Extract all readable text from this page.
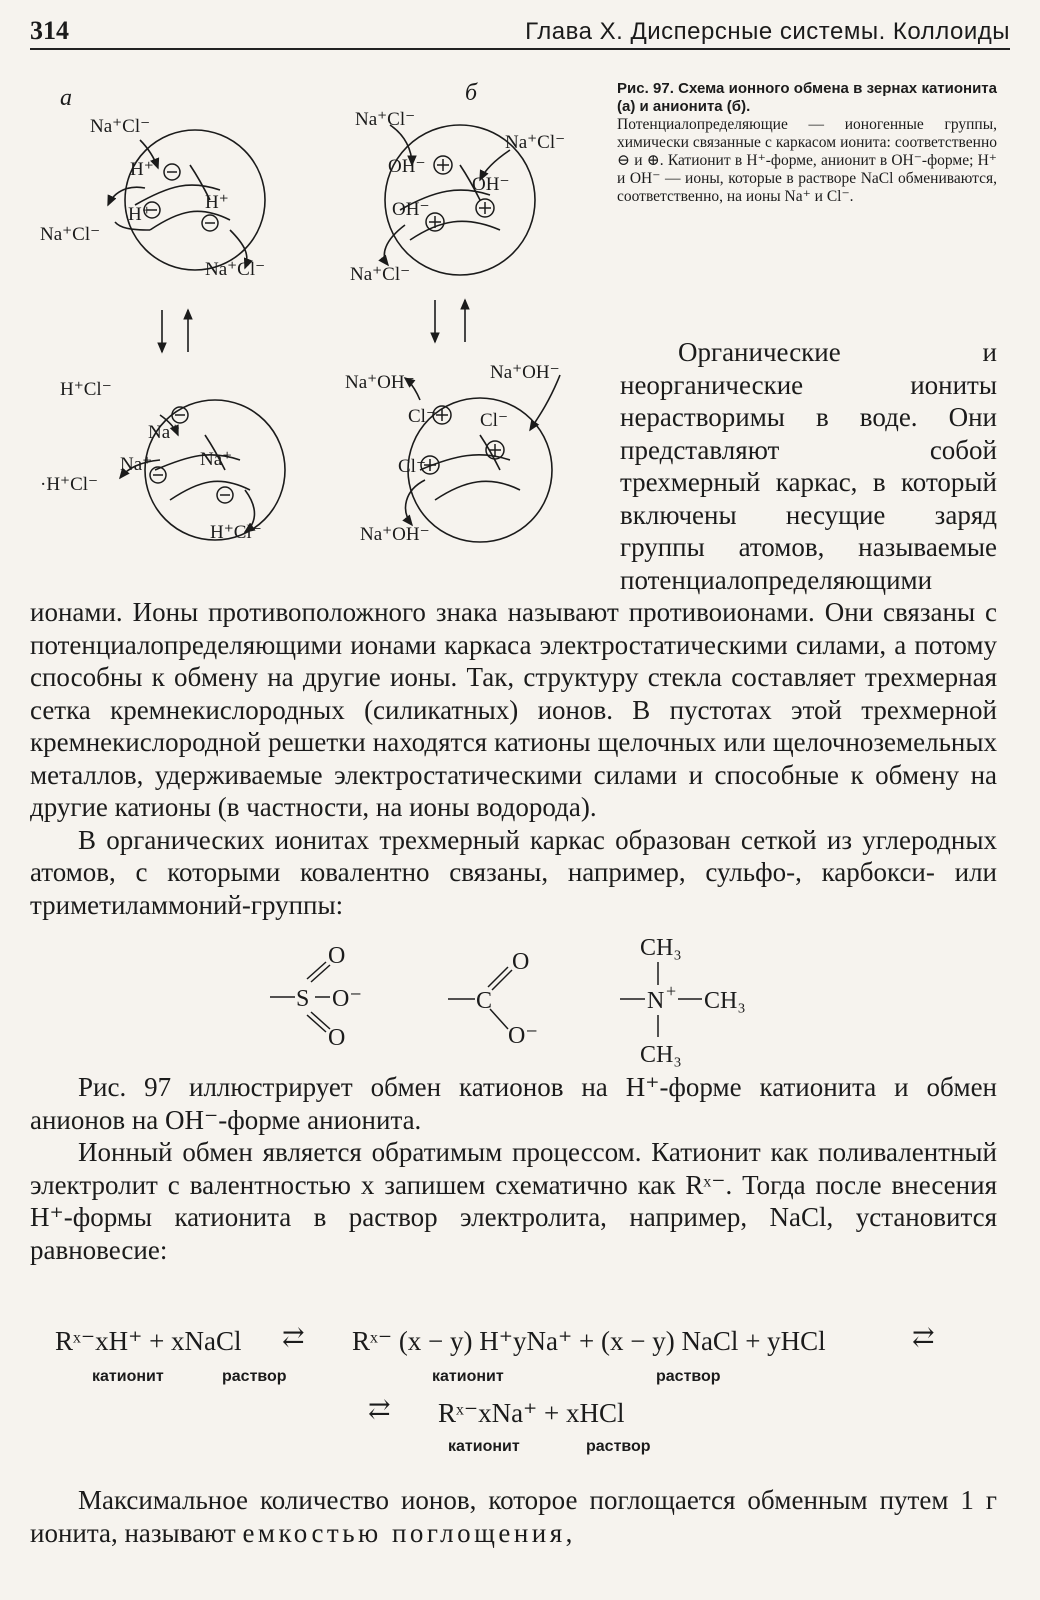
314	Глава X. Дисперсные системы. Коллоиды
а	б
Na⁺Cl⁻
Na⁺Cl⁻
Na⁺Cl⁻
H⁺
H⁺
H⁺
H⁺Cl⁻
·H⁺Cl⁻
H⁺Cl⁻
Na⁺
Na⁺	Na⁺
Na⁺Cl⁻
Na⁺Cl⁻
Na⁺Cl⁻
OH⁻
OH⁻
OH⁻
Na⁺OH⁻	Na⁺OH⁻
Na⁺OH⁻
Cl⁻ Cl⁻
Cl⁻
Рис. 97. Схема ионного обмена в зернах катионита (а) и анионита (б).
Потенциалопределяющие — ионогенные группы, химически связанные с каркасом ионита: соответственно ⊖ и ⊕. Катионит в H⁺-форме, анионит в OH⁻-форме; H⁺ и OH⁻ — ионы, которые в растворе NaCl обмениваются, соответственно, на ионы Na⁺ и Cl⁻.

Органические и неорганические иониты нерастворимы в воде. Они представляют собой трехмерный каркас, в который включены несущие заряд группы атомов, называемые потенциалопределяющими ионами. Ионы противоположного знака называют противоионами. Они связаны с потенциалопределяющими ионами каркаса электростатическими силами, а потому способны к обмену на другие ионы. Так, структуру стекла составляет трехмерная сетка кремнекислородных (силикатных) ионов. В пустотах этой трехмерной кремнекислородной решетки находятся катионы щелочных или щелочноземельных металлов, удерживаемые электростатическими силами и способные к обмену на другие катионы (в частности, на ионы водорода).

В органических ионитах трехмерный каркас образован сеткой из углеродных атомов, с которыми ковалентно связаны, например, сульфо-, карбокси- или триметиламмоний-группы:

S
O
O⁻
O
C
O
O⁻
CH₃
N + CH₃
CH₃

Рис. 97 иллюстрирует обмен катионов на H⁺-форме катионита и обмен анионов на OH⁻-форме анионита.

Ионный обмен является обратимым процессом. Катионит как поливалентный электролит с валентностью x запишем схематично как Rˣ⁻. Тогда после внесения H⁺-формы катионита в раствор электролита, например, NaCl, установится равновесие:

Rˣ⁻xH⁺ + xNaCl ⇄ Rˣ⁻ (x − y) H⁺yNa⁺ + (x − y) NaCl + yHCl	⇄
катионит	раствор	катионит	раствор
⇄ Rˣ⁻xNa⁺ + xHCl
катионит	раствор

Максимальное количество ионов, которое поглощается обменным путем 1 г ионита, называют емкостью поглощения,
